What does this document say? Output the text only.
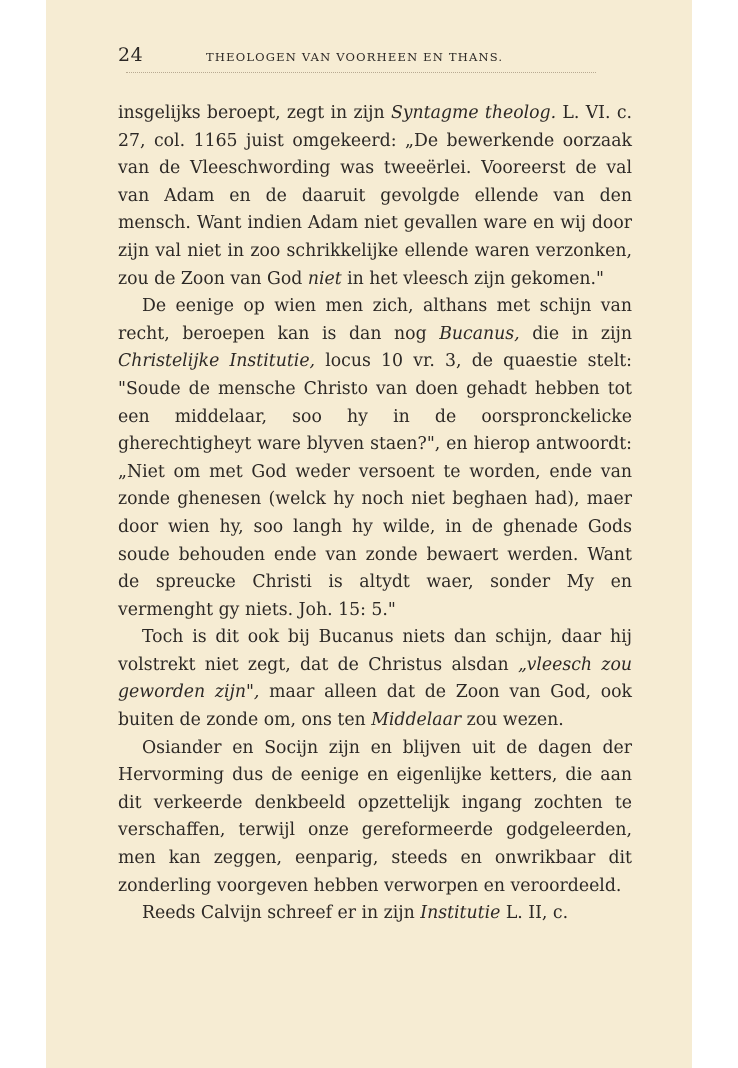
24	THEOLOGEN VAN VOORHEEN EN THANS.

insgelijks beroept, zegt in zijn Syntagme theolog. L. VI. c. 27, col. 1165 juist omgekeerd: „De bewerkende oorzaak van de Vleeschwording was tweeërlei. Vooreerst de val van Adam en de daaruit gevolgde ellende van den mensch. Want indien Adam niet gevallen ware en wij door zijn val niet in zoo schrikkelijke ellende waren verzonken, zou de Zoon van God niet in het vleesch zijn gekomen."

De eenige op wien men zich, althans met schijn van recht, beroepen kan is dan nog Bucanus, die in zijn Christelijke Institutie, locus 10 vr. 3, de quaestie stelt: "Soude de mensche Christo van doen gehadt hebben tot een middelaar, soo hy in de oorspronckelicke gherechtigheyt ware blyven staen?", en hierop antwoordt: „Niet om met God weder versoent te worden, ende van zonde ghenesen (welck hy noch niet beghaen had), maer door wien hy, soo langh hy wilde, in de ghenade Gods soude behouden ende van zonde bewaert werden. Want de spreucke Christi is altydt waer, sonder My en vermenght gy niets. Joh. 15: 5."

Toch is dit ook bij Bucanus niets dan schijn, daar hij volstrekt niet zegt, dat de Christus alsdan „vleesch zou geworden zijn", maar alleen dat de Zoon van God, ook buiten de zonde om, ons ten Middelaar zou wezen.

Osiander en Socijn zijn en blijven uit de dagen der Hervorming dus de eenige en eigenlijke ketters, die aan dit verkeerde denkbeeld opzettelijk ingang zochten te verschaffen, terwijl onze gereformeerde godgeleerden, men kan zeggen, eenparig, steeds en onwrikbaar dit zonderling voorgeven hebben verworpen en veroordeeld.

Reeds Calvijn schreef er in zijn Institutie L. II, c.
